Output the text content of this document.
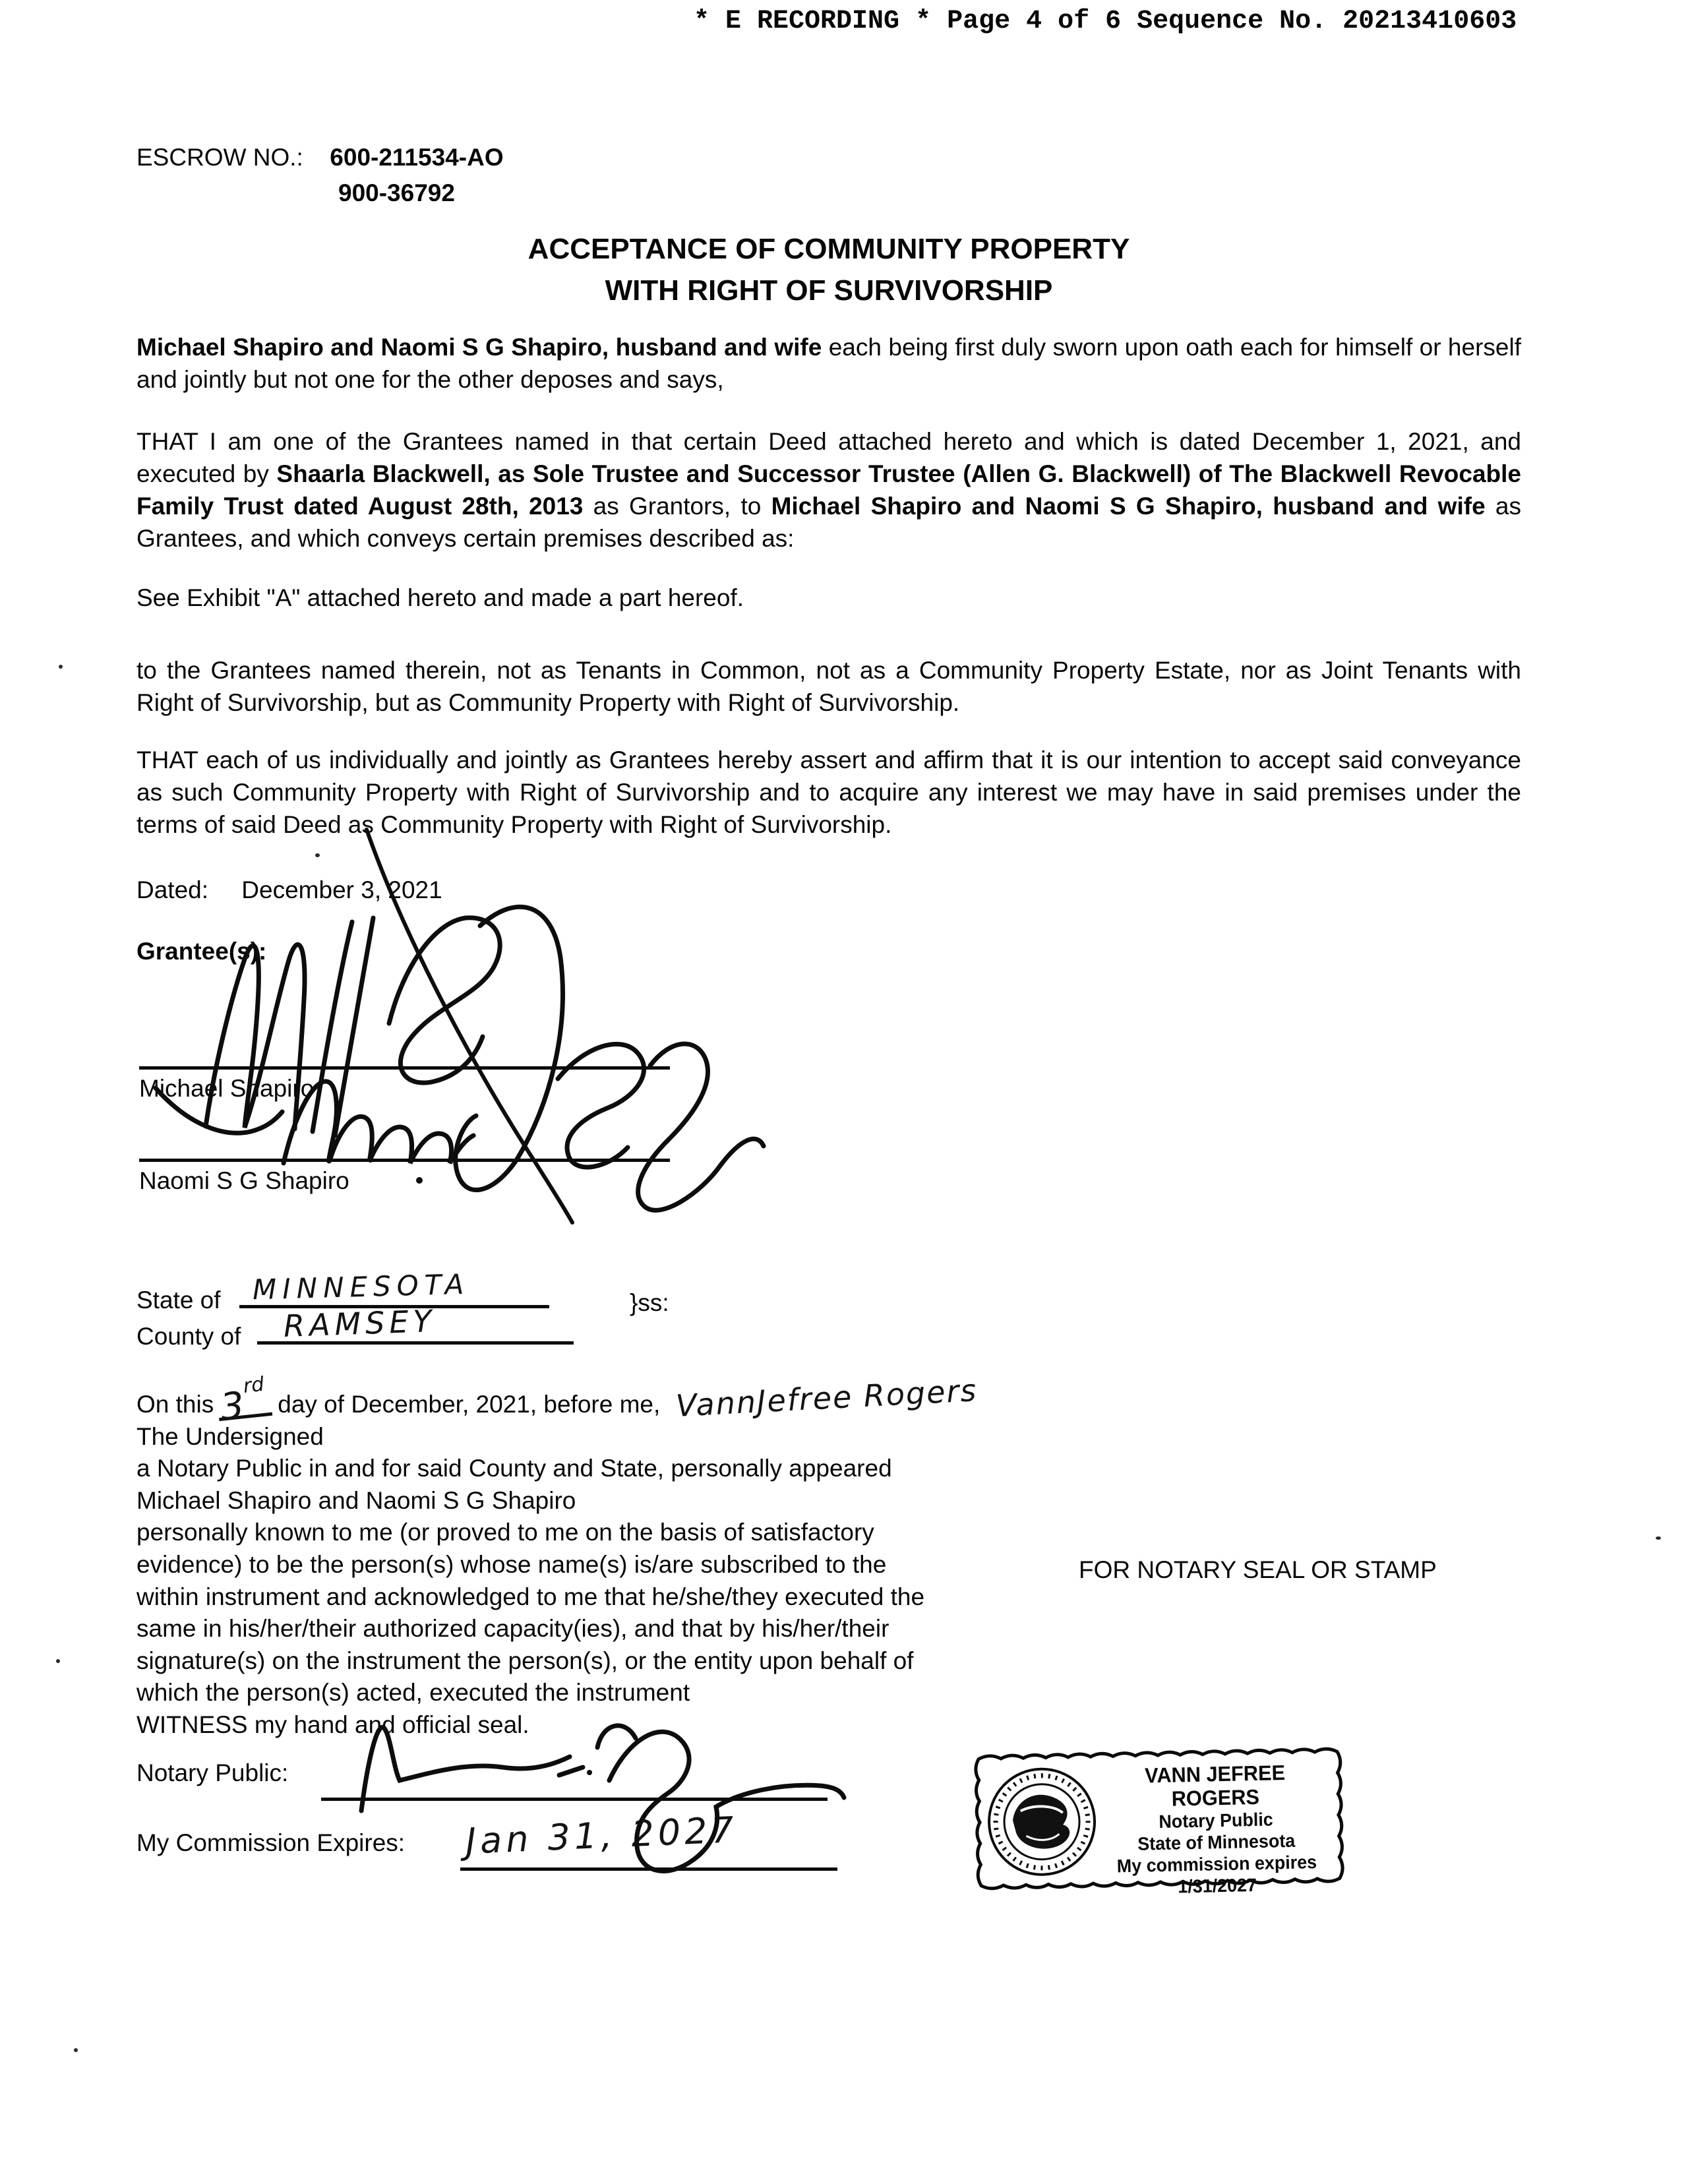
* E RECORDING * Page 4 of 6 Sequence No. 20213410603
ESCROW NO.: 600-211534-AO
900-36792
ACCEPTANCE OF COMMUNITY PROPERTY
WITH RIGHT OF SURVIVORSHIP

Michael Shapiro and Naomi S G Shapiro, husband and wife each being first duly sworn upon oath each for himself or herself and jointly but not one for the other deposes and says,

THAT I am one of the Grantees named in that certain Deed attached hereto and which is dated December 1, 2021, and executed by Shaarla Blackwell, as Sole Trustee and Successor Trustee (Allen G. Blackwell) of The Blackwell Revocable Family Trust dated August 28th, 2013 as Grantors, to Michael Shapiro and Naomi S G Shapiro, husband and wife as Grantees, and which conveys certain premises described as:

See Exhibit "A" attached hereto and made a part hereof.

to the Grantees named therein, not as Tenants in Common, not as a Community Property Estate, nor as Joint Tenants with Right of Survivorship, but as Community Property with Right of Survivorship.

THAT each of us individually and jointly as Grantees hereby assert and affirm that it is our intention to accept said conveyance as such Community Property with Right of Survivorship and to acquire any interest we may have in said premises under the terms of said Deed as Community Property with Right of Survivorship.

Dated: December 3, 2021
Grantee(s):
Michael Shapiro
Naomi S G Shapiro
State of MINNESOTA	}ss:
County of RAMSEY
On this 3rdday of December, 2021, before me, VannJefree Rogers
The Undersigned
a Notary Public in and for said County and State, personally appeared
Michael Shapiro and Naomi S G Shapiro
personally known to me (or proved to me on the basis of satisfactory
evidence) to be the person(s) whose name(s) is/are subscribed to the
within instrument and acknowledged to me that he/she/they executed the
same in his/her/their authorized capacity(ies), and that by his/her/their
signature(s) on the instrument the person(s), or the entity upon behalf of
which the person(s) acted, executed the instrument
WITNESS my hand and official seal.
FOR NOTARY SEAL OR STAMP
Notary Public:
My Commission Expires: Jan 31, 2027
VANN JEFREE ROGERS
Notary Public
State of Minnesota
My commission expires
1/31/2027
